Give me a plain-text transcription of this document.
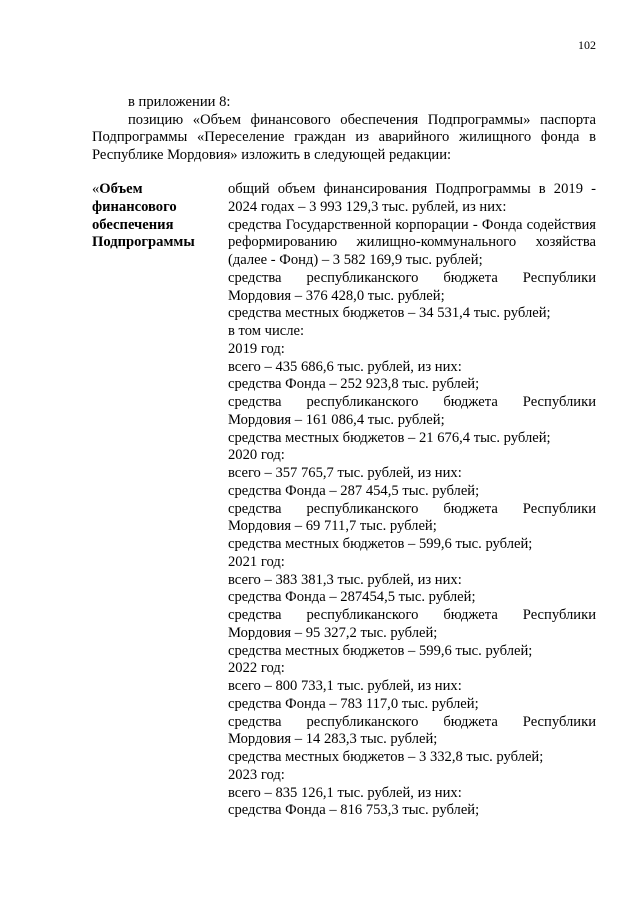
102

в приложении 8:

позицию «Объем финансового обеспечения Подпрограммы» паспорта Подпрограммы «Переселение граждан из аварийного жилищного фонда в Республике Мордовия» изложить в следующей редакции:

«Объем
финансового
обеспечения
Подпрограммы
общий объем финансирования Подпрограммы в 2019 - 2024 годах – 3 993 129,3 тыс. рублей, из них:
средства Государственной корпорации - Фонда содействия реформированию жилищно-коммунального хозяйства (далее - Фонд) – 3 582 169,9 тыс. рублей;
средства республиканского бюджета Республики Мордовия – 376 428,0 тыс. рублей;
средства местных бюджетов – 34 531,4 тыс. рублей;
в том числе:
2019 год:
всего – 435 686,6 тыс. рублей, из них:
средства Фонда – 252 923,8 тыс. рублей;
средства республиканского бюджета Республики Мордовия – 161 086,4 тыс. рублей;
средства местных бюджетов – 21 676,4 тыс. рублей;
2020 год:
всего – 357 765,7 тыс. рублей, из них:
средства Фонда – 287 454,5 тыс. рублей;
средства республиканского бюджета Республики Мордовия – 69 711,7 тыс. рублей;
средства местных бюджетов – 599,6 тыс. рублей;
2021 год:
всего – 383 381,3 тыс. рублей, из них:
средства Фонда – 287454,5 тыс. рублей;
средства республиканского бюджета Республики Мордовия – 95 327,2 тыс. рублей;
средства местных бюджетов – 599,6 тыс. рублей;
2022 год:
всего – 800 733,1 тыс. рублей, из них:
средства Фонда – 783 117,0 тыс. рублей;
средства республиканского бюджета Республики Мордовия – 14 283,3 тыс. рублей;
средства местных бюджетов – 3 332,8 тыс. рублей;
2023 год:
всего – 835 126,1 тыс. рублей, из них:
средства Фонда – 816 753,3 тыс. рублей;
